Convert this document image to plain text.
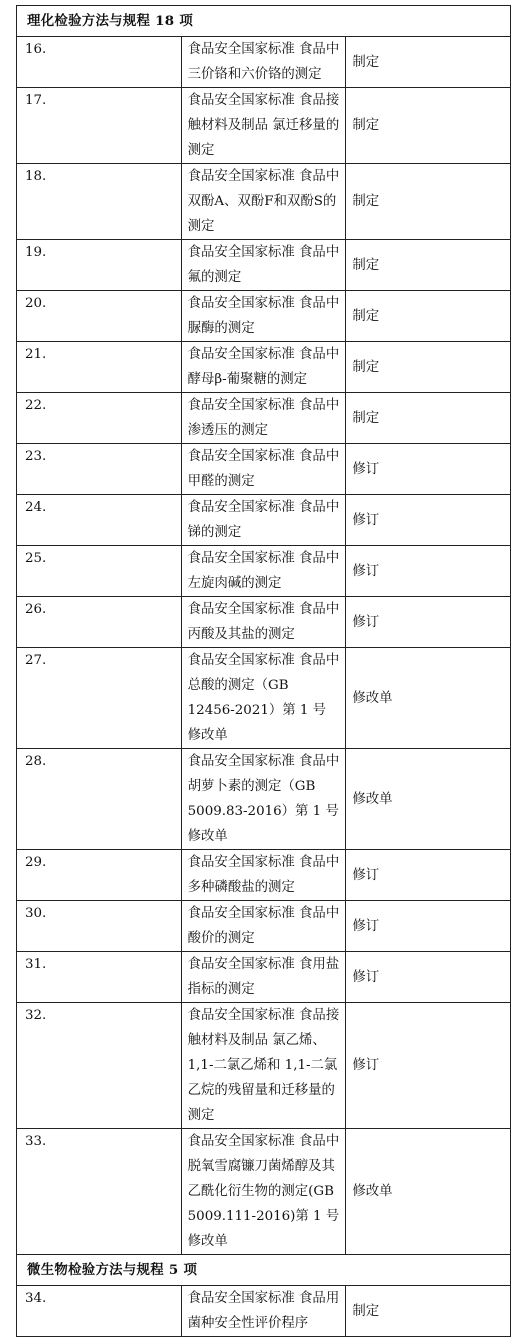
理化检验方法与规程 18 项		
16.	食品安全国家标准 食品中三价铬和六价铬的测定	制定
17.	食品安全国家标准 食品接触材料及制品 氯迁移量的测定	制定
18.	食品安全国家标准 食品中双酚A、双酚F和双酚S的测定	制定
19.	食品安全国家标准 食品中氟的测定	制定
20.	食品安全国家标准 食品中脲酶的测定	制定
21.	食品安全国家标准 食品中酵母β-葡聚糖的测定	制定
22.	食品安全国家标准 食品中渗透压的测定	制定
23.	食品安全国家标准 食品中甲醛的测定	修订
24.	食品安全国家标准 食品中锑的测定	修订
25.	食品安全国家标准 食品中左旋肉碱的测定	修订
26.	食品安全国家标准 食品中丙酸及其盐的测定	修订
27.	食品安全国家标准 食品中总酸的测定（GB 12456-2021）第 1 号修改单	修改单
28.	食品安全国家标准 食品中胡萝卜素的测定（GB 5009.83-2016）第 1 号修改单	修改单
29.	食品安全国家标准 食品中多种磷酸盐的测定	修订
30.	食品安全国家标准 食品中酸价的测定	修订
31.	食品安全国家标准 食用盐指标的测定	修订
32.	食品安全国家标准 食品接触材料及制品 氯乙烯、1,1-二氯乙烯和 1,1-二氯乙烷的残留量和迁移量的测定	修订
33.	食品安全国家标准 食品中脱氧雪腐镰刀菌烯醇及其乙酰化衍生物的测定(GB 5009.111-2016)第 1 号修改单	修改单
微生物检验方法与规程 5 项		
34.	食品安全国家标准 食品用菌种安全性评价程序	制定
